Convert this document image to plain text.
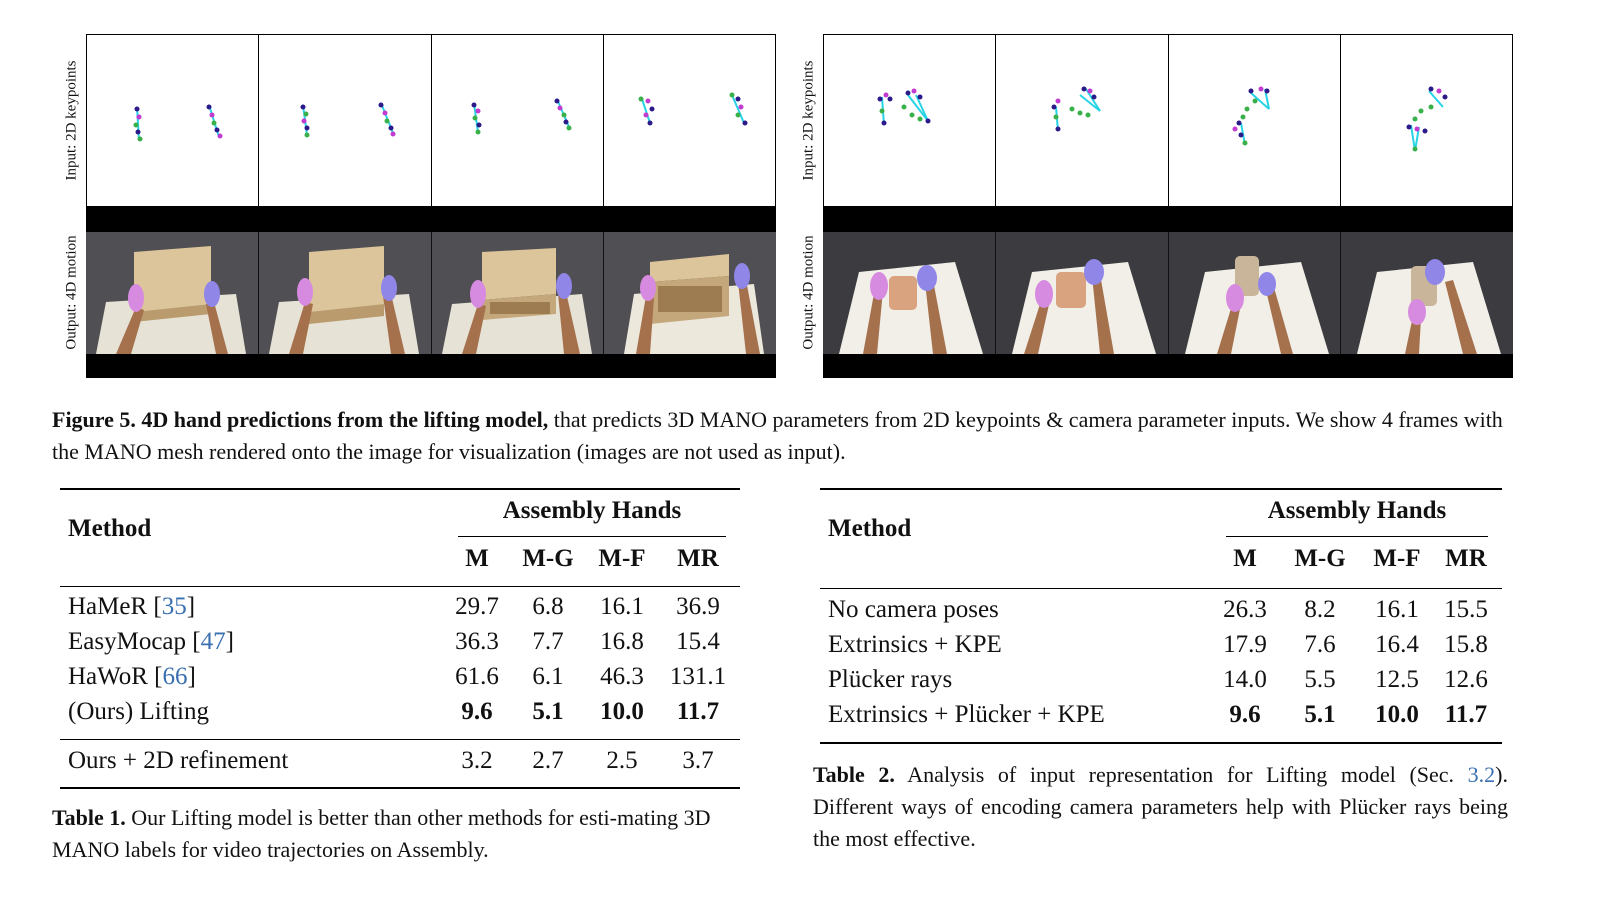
Input: 2D keypoints
Output: 4D motion
Input: 2D keypoints
Output: 4D motion
Figure 5. 4D hand predictions from the lifting model, that predicts 3D MANO parameters from 2D keypoints & camera parameter inputs. We show 4 frames with the MANO mesh rendered onto the image for visualization (images are not used as input).
Method
Assembly Hands
M	M-G M-F	MR
HaMeR [35]	29.7	6.8	16.1	36.9
EasyMocap [47]	36.3	7.7	16.8	15.4
HaWoR [66]	61.6	6.1	46.3	131.1
(Ours) Lifting	9.6	5.1	10.0	11.7
Ours + 2D refinement	3.2	2.7	2.5	3.7
Table 1. Our Lifting model is better than other methods for esti-mating 3D MANO labels for video trajectories on Assembly.
Method
Assembly Hands
M	M-G	M-F MR
No camera poses	26.3	8.2	16.1	15.5
Extrinsics + KPE	17.9	7.6	16.4	15.8
Plücker rays	14.0	5.5	12.5	12.6
Extrinsics + Plücker + KPE	9.6	5.1	10.0	11.7
Table 2. Analysis of input representation for Lifting model (Sec. 3.2). Different ways of encoding camera parameters help with Plücker rays being the most effective.
